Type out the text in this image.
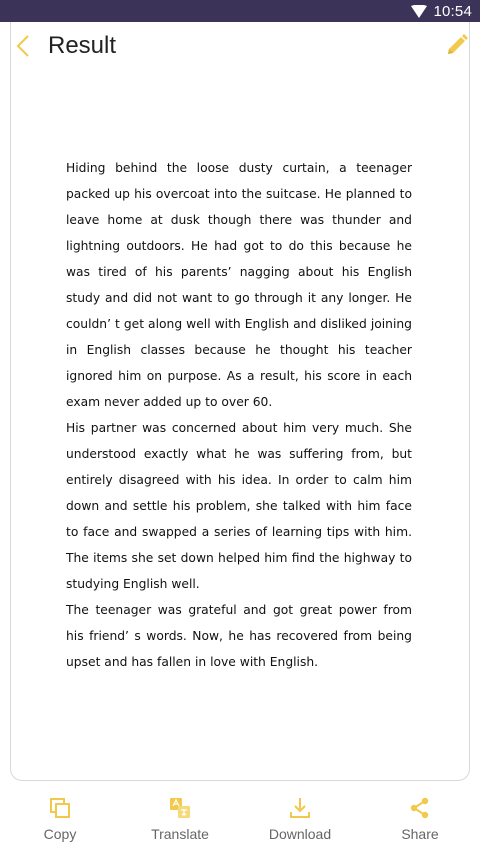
10:54
Result

Hiding behind the loose dusty curtain, a teenager packed up his overcoat into the suitcase. He planned to leave home at dusk though there was thunder and lightning outdoors. He had got to do this because he was tired of his parents’ nagging about his English study and did not want to go through it any longer. He couldn’ t get along well with English and disliked joining in English classes because he thought his teacher ignored him on purpose. As a result, his score in each exam never added up to over 60.

His partner was concerned about him very much. She understood exactly what he was suffering from, but entirely disagreed with his idea. In order to calm him down and settle his problem, she talked with him face to face and swapped a series of learning tips with him. The items she set down helped him find the highway to studying English well.

The teenager was grateful and got great power from his friend’ s words. Now, he has recovered from being upset and has fallen in love with English.

Copy	Translate	Download	Share
